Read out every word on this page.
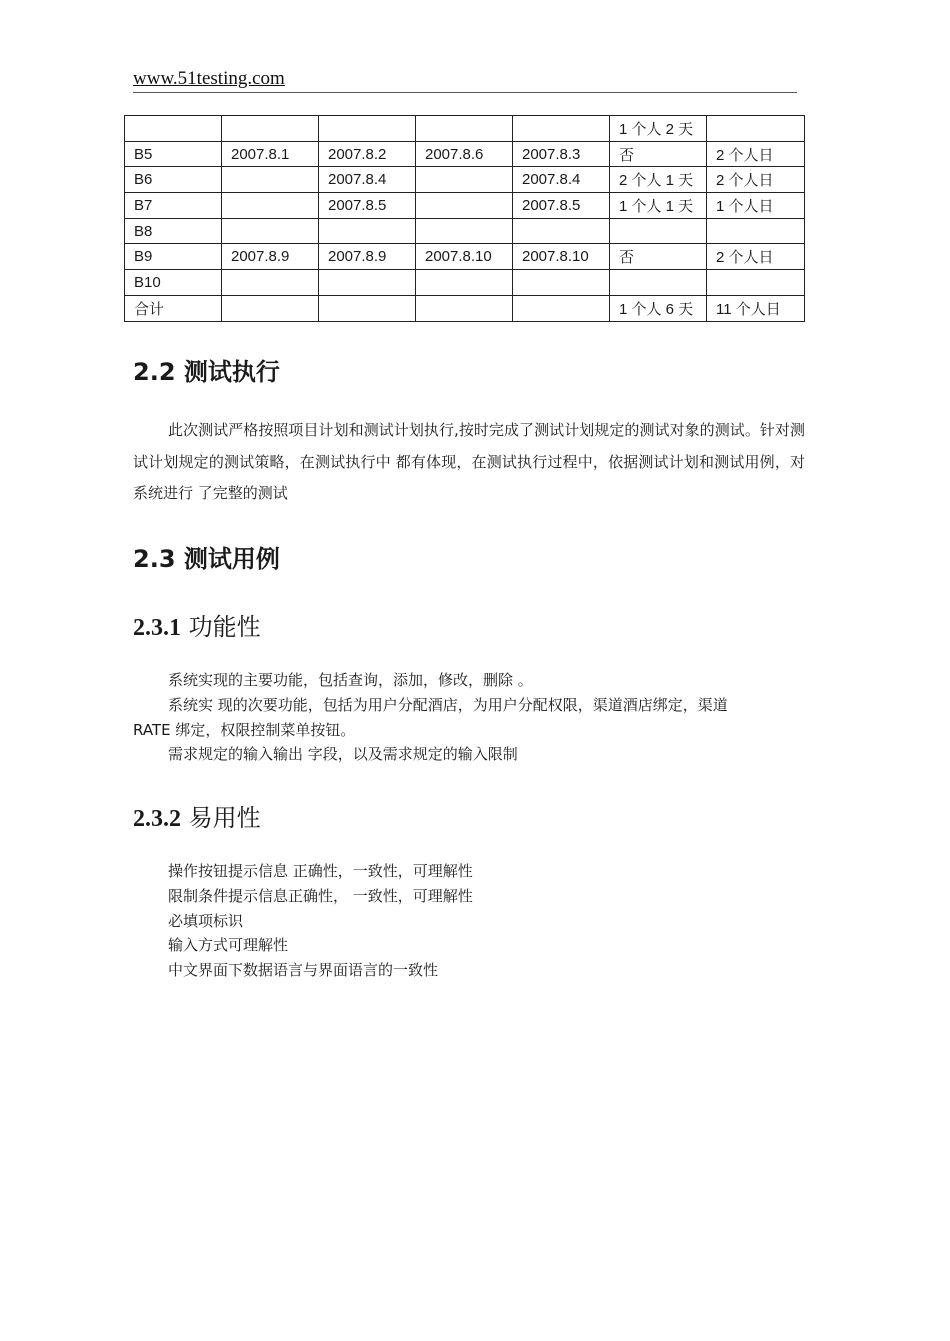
www.51testing.com
					1 个人 2 天	
B5	2007.8.1	2007.8.2	2007.8.6	2007.8.3	否	2 个人日
B6		2007.8.4		2007.8.4	2 个人 1 天	2 个人日
B7		2007.8.5		2007.8.5	1 个人 1 天	1 个人日
B8						
B9	2007.8.9	2007.8.9	2007.8.10	2007.8.10	否	2 个人日
B10						
合计					1 个人 6 天	11 个人日
2.2 测试执行

此次测试严格按照项目计划和测试计划执行,按时完成了测试计划规定的测试对象的测试。针对测试计划规定的测试策略，在测试执行中 都有体现，在测试执行过程中，依据测试计划和测试用例，对系统进行 了完整的测试

2.3 测试用例
2.3.1 功能性
系统实现的主要功能，包括查询，添加，修改，删除 。
系统实 现的次要功能，包括为用户分配酒店，为用户分配权限，渠道酒店绑定，渠道
RATE 绑定，权限控制菜单按钮。
需求规定的输入输出 字段，以及需求规定的输入限制
2.3.2 易用性
操作按钮提示信息 正确性，一致性，可理解性
限制条件提示信息正确性， 一致性，可理解性
必填项标识
输入方式可理解性
中文界面下数据语言与界面语言的一致性
